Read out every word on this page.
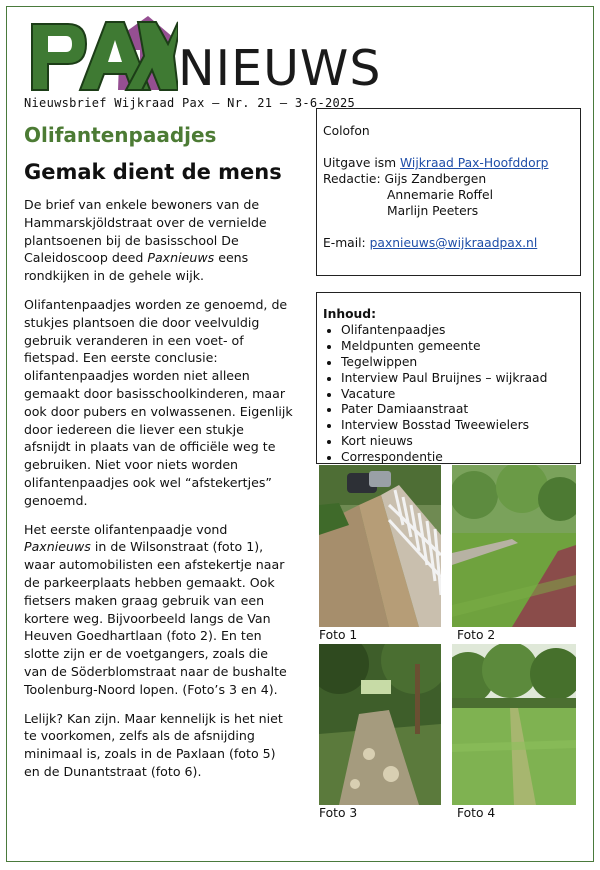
NIEUWS
Nieuwsbrief Wijkraad Pax – Nr. 21 – 3-6-2025
Olifantenpaadjes
Gemak dient de mens

De brief van enkele bewoners van de Hammarskjöldstraat over de vernielde plantsoenen bij de basisschool De Caleidoscoop deed Paxnieuws eens rondkijken in de gehele wijk.

Olifantenpaadjes worden ze genoemd, de stukjes plantsoen die door veelvuldig gebruik veranderen in een voet- of fietspad. Een eerste conclusie: olifantenpaadjes worden niet alleen gemaakt door basisschoolkinderen, maar ook door pubers en volwassenen. Eigenlijk door iedereen die liever een stukje afsnijdt in plaats van de officiële weg te gebruiken. Niet voor niets worden olifantenpaadjes ook wel “afstekertjes” genoemd.

Het eerste olifantenpaadje vond Paxnieuws in de Wilsonstraat (foto 1), waar automobilisten een afstekertje naar de parkeerplaats hebben gemaakt. Ook fietsers maken graag gebruik van een kortere weg. Bijvoorbeeld langs de Van Heuven Goedhartlaan (foto 2). En ten slotte zijn er de voetgangers, zoals die van de Söderblomstraat naar de bushalte Toolenburg-Noord lopen. (Foto’s 3 en 4).

Lelijk? Kan zijn. Maar kennelijk is het niet te voorkomen, zelfs als de afsnijding minimaal is, zoals in de Paxlaan (foto 5) en de Dunantstraat (foto 6).

Colofon
Uitgave ism Wijkraad Pax-Hoofddorp
Redactie: Gijs Zandbergen
Annemarie Roffel
Marlijn Peeters
E-mail: paxnieuws@wijkraadpax.nl
Inhoud:
• Olifantenpaadjes
• Meldpunten gemeente
• Tegelwippen
• Interview Paul Bruijnes – wijkraad
• Vacature
• Pater Damiaanstraat
• Interview Bosstad Tweewielers
• Kort nieuws
• Correspondentie
Foto 1	Foto 2
Foto 3	Foto 4
